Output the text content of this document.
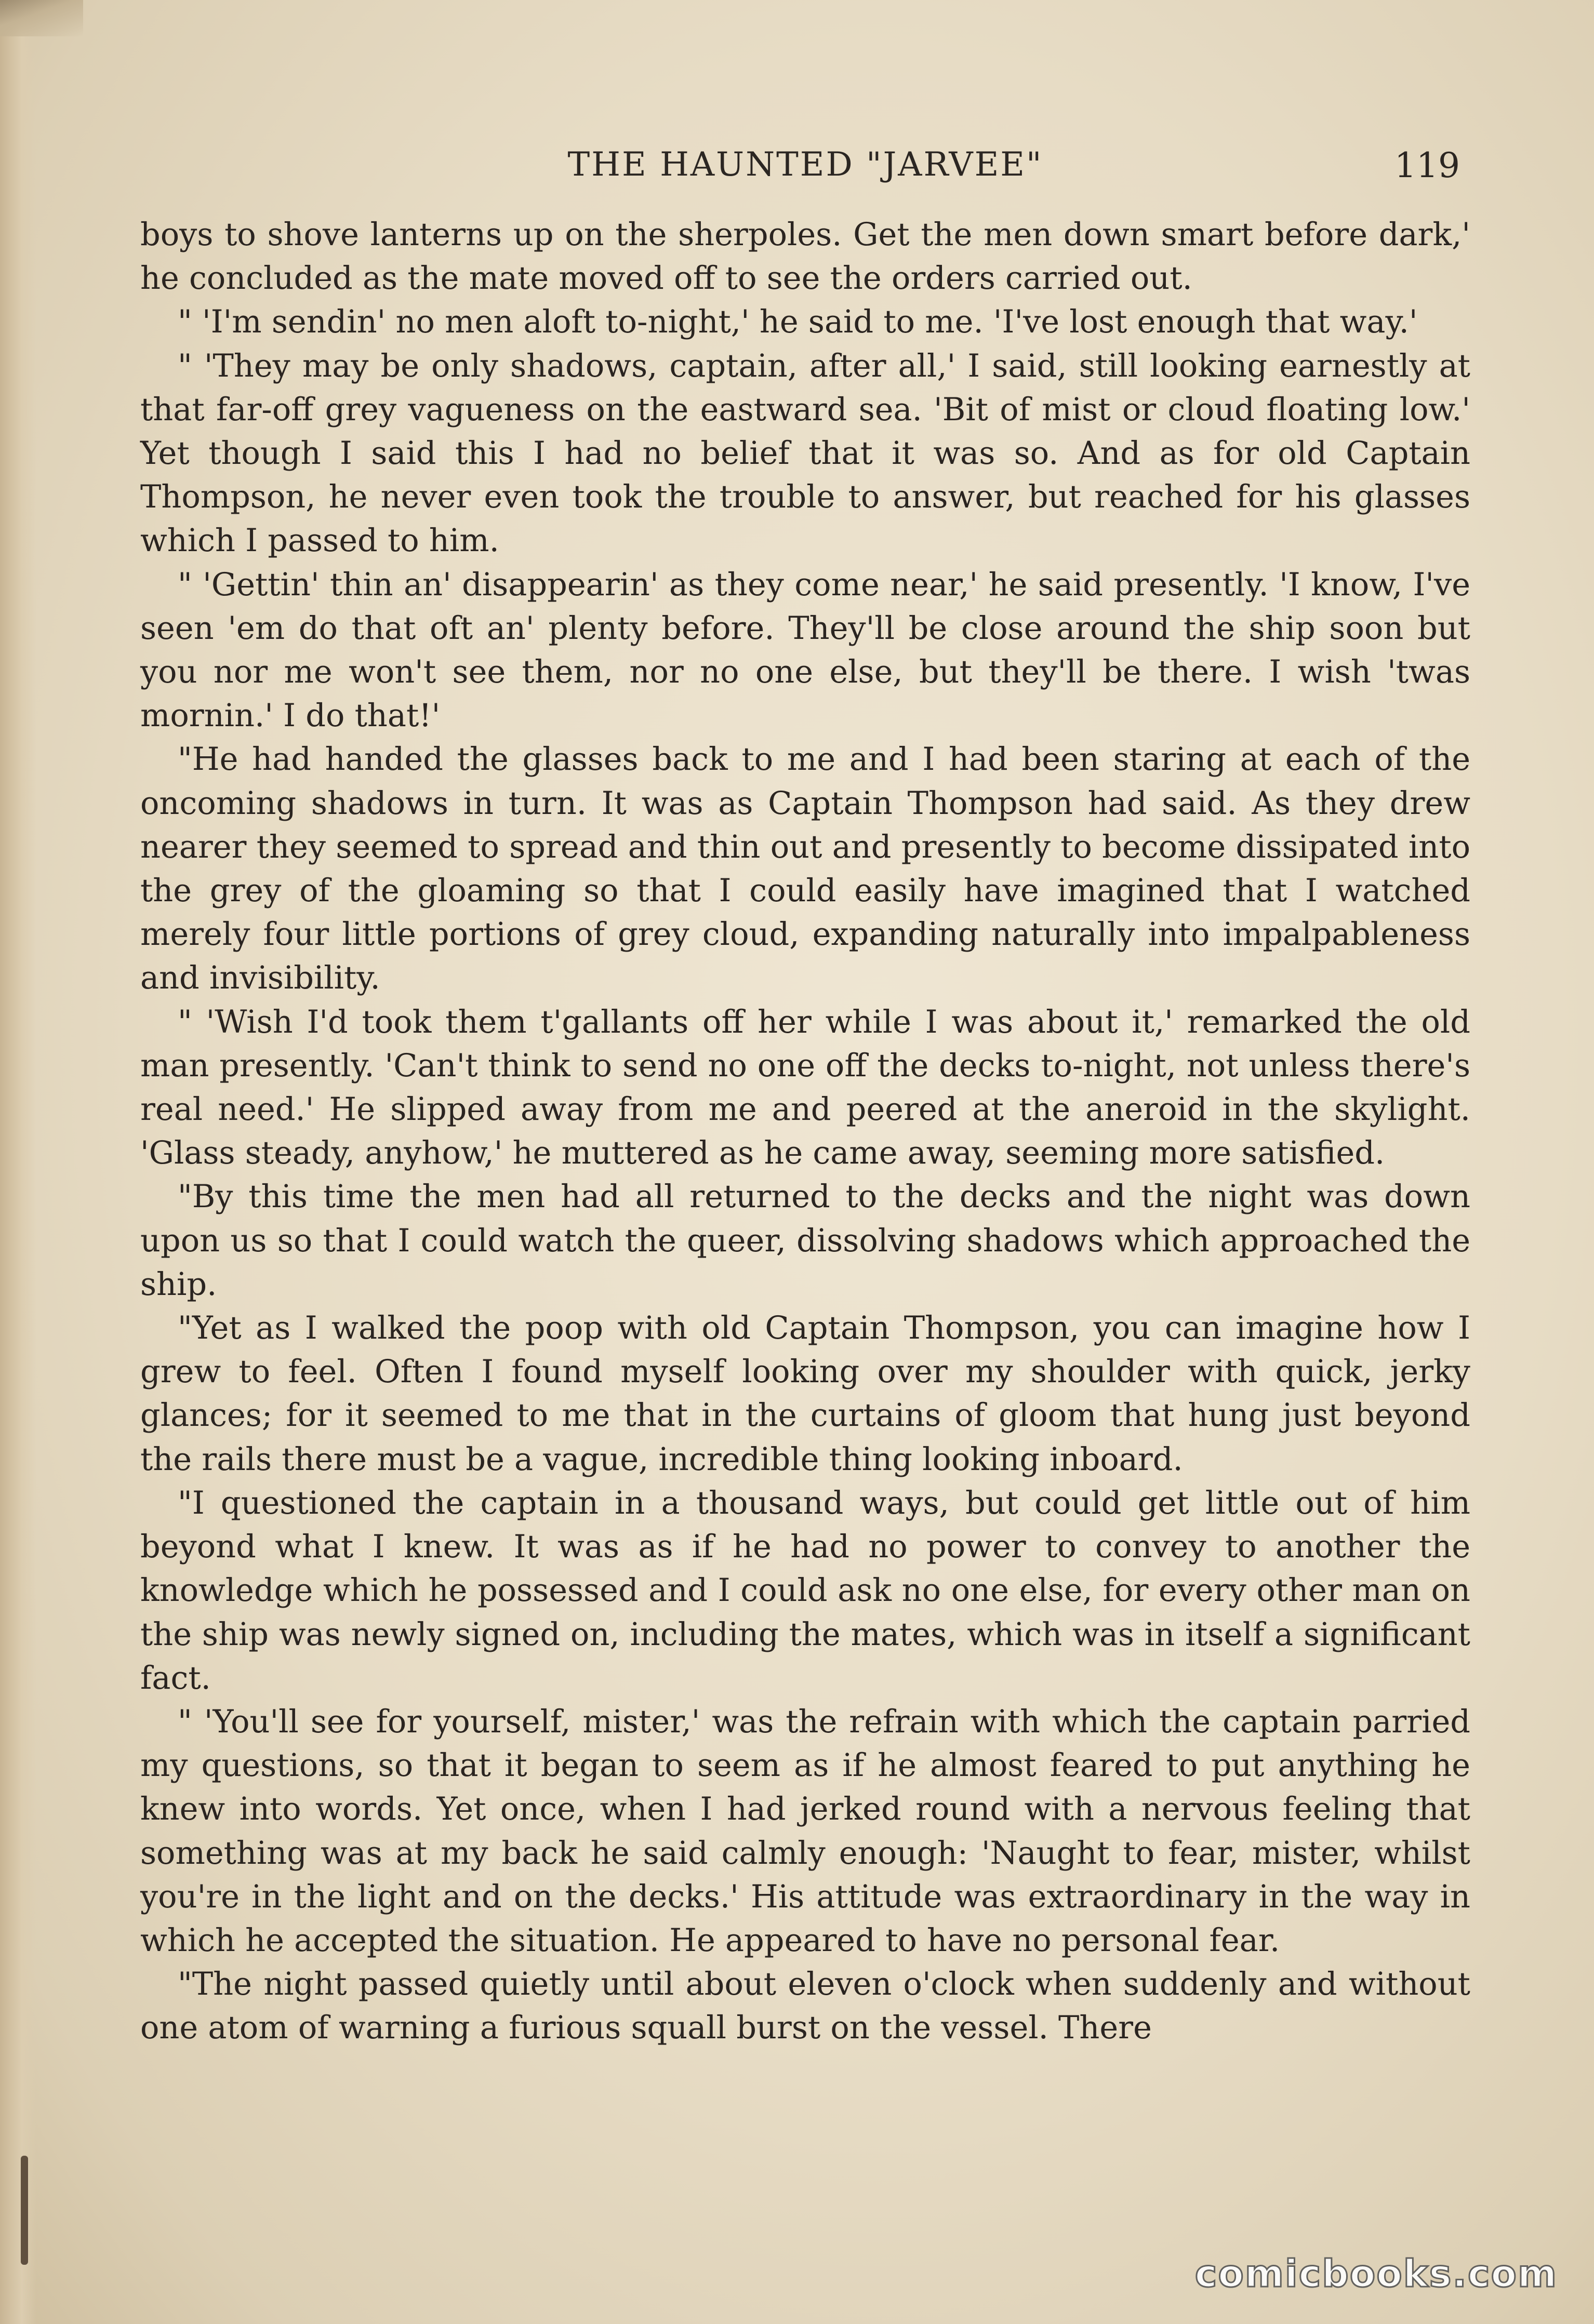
THE HAUNTED "JARVEE"	119

boys to shove lanterns up on the sherpoles. Get the men down smart before dark,' he concluded as the mate moved off to see the orders carried out.

" 'I'm sendin' no men aloft to-night,' he said to me. 'I've lost enough that way.'

" 'They may be only shadows, captain, after all,' I said, still looking earnestly at that far-off grey vagueness on the eastward sea. 'Bit of mist or cloud floating low.' Yet though I said this I had no belief that it was so. And as for old Captain Thompson, he never even took the trouble to answer, but reached for his glasses which I passed to him.

" 'Gettin' thin an' disappearin' as they come near,' he said presently. 'I know, I've seen 'em do that oft an' plenty before. They'll be close around the ship soon but you nor me won't see them, nor no one else, but they'll be there. I wish 'twas mornin.' I do that!'

"He had handed the glasses back to me and I had been staring at each of the oncoming shadows in turn. It was as Captain Thompson had said. As they drew nearer they seemed to spread and thin out and presently to become dissipated into the grey of the gloaming so that I could easily have imagined that I watched merely four little portions of grey cloud, expanding naturally into impalpableness and invisibility.

" 'Wish I'd took them t'gallants off her while I was about it,' remarked the old man presently. 'Can't think to send no one off the decks to-night, not unless there's real need.' He slipped away from me and peered at the aneroid in the skylight. 'Glass steady, anyhow,' he muttered as he came away, seeming more satisfied.

"By this time the men had all returned to the decks and the night was down upon us so that I could watch the queer, dissolving shadows which approached the ship.

"Yet as I walked the poop with old Captain Thompson, you can imagine how I grew to feel. Often I found myself looking over my shoulder with quick, jerky glances; for it seemed to me that in the curtains of gloom that hung just beyond the rails there must be a vague, incredible thing looking inboard.

"I questioned the captain in a thousand ways, but could get little out of him beyond what I knew. It was as if he had no power to convey to another the knowledge which he possessed and I could ask no one else, for every other man on the ship was newly signed on, including the mates, which was in itself a significant fact.

" 'You'll see for yourself, mister,' was the refrain with which the captain parried my questions, so that it began to seem as if he almost feared to put anything he knew into words. Yet once, when I had jerked round with a nervous feeling that something was at my back he said calmly enough: 'Naught to fear, mister, whilst you're in the light and on the decks.' His attitude was extraordinary in the way in which he accepted the situation. He appeared to have no personal fear.

"The night passed quietly until about eleven o'clock when suddenly and without one atom of warning a furious squall burst on the vessel. There

comicbooks.com
